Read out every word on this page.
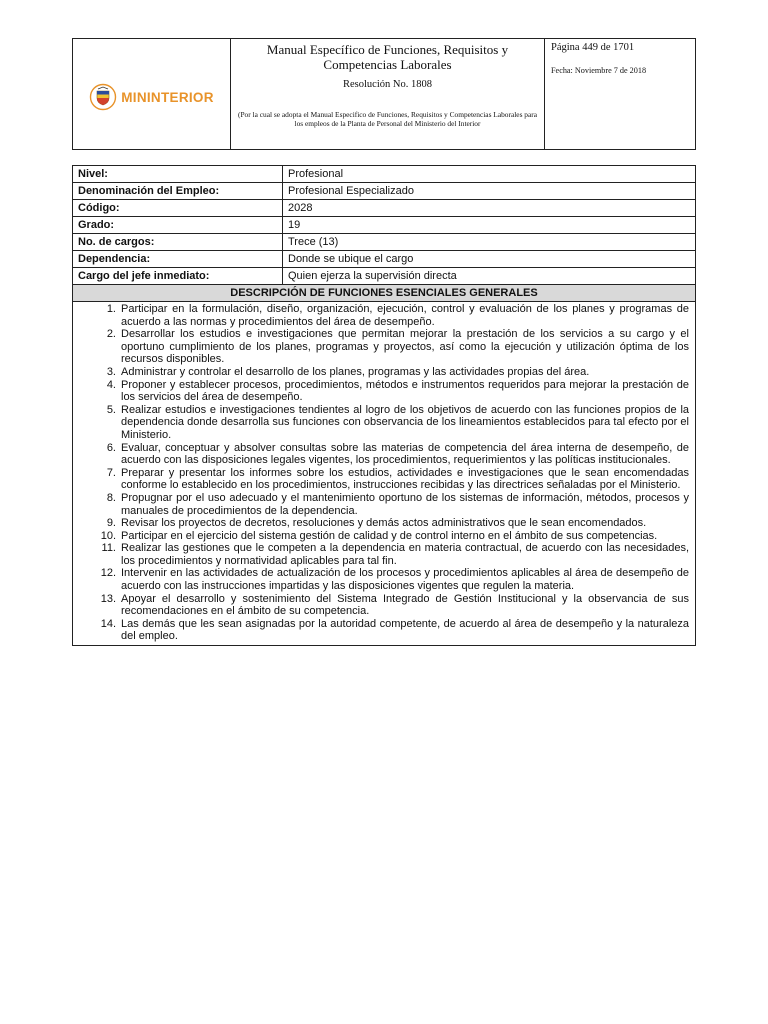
MININTERIOR
Manual Específico de Funciones, Requisitos y Competencias Laborales
Resolución No. 1808
(Por la cual se adopta el Manual Especifico de Funciones, Requisitos y Competencias Laborales para los empleos de la Planta de Personal del Ministerio del Interior
Página 449 de 1701
Fecha: Noviembre 7 de 2018
Nivel:	Profesional
Denominación del Empleo:	Profesional Especializado
Código:	2028
Grado:	19
No. de cargos:	Trece (13)
Dependencia:	Donde se ubique el cargo
Cargo del jefe inmediato:	Quien ejerza la supervisión directa
DESCRIPCIÓN DE FUNCIONES ESENCIALES GENERALES
1. Participar en la formulación, diseño, organización, ejecución, control y evaluación de los planes y programas de acuerdo a las normas y procedimientos del área de desempeño.
2. Desarrollar los estudios e investigaciones que permitan mejorar la prestación de los servicios a su cargo y el oportuno cumplimiento de los planes, programas y proyectos, así como la ejecución y utilización óptima de los recursos disponibles.
3. Administrar y controlar el desarrollo de los planes, programas y las actividades propias del área.
4. Proponer y establecer procesos, procedimientos, métodos e instrumentos requeridos para mejorar la prestación de los servicios del área de desempeño.
5. Realizar estudios e investigaciones tendientes al logro de los objetivos de acuerdo con las funciones propios de la dependencia donde desarrolla sus funciones con observancia de los lineamientos establecidos para tal efecto por el Ministerio.
6. Evaluar, conceptuar y absolver consultas sobre las materias de competencia del área interna de desempeño, de acuerdo con las disposiciones legales vigentes, los procedimientos, requerimientos y las políticas institucionales.
7. Preparar y presentar los informes sobre los estudios, actividades e investigaciones que le sean encomendadas conforme lo establecido en los procedimientos, instrucciones recibidas y las directrices señaladas por el Ministerio.
8. Propugnar por el uso adecuado y el mantenimiento oportuno de los sistemas de información, métodos, procesos y manuales de procedimientos de la dependencia.
9. Revisar los proyectos de decretos, resoluciones y demás actos administrativos que le sean encomendados.
10. Participar en el ejercicio del sistema gestión de calidad y de control interno en el ámbito de sus competencias.
11. Realizar las gestiones que le competen a la dependencia en materia contractual, de acuerdo con las necesidades, los procedimientos y normatividad aplicables para tal fin.
12. Intervenir en las actividades de actualización de los procesos y procedimientos aplicables al área de desempeño de acuerdo con las instrucciones impartidas y las disposiciones vigentes que regulen la materia.
13. Apoyar el desarrollo y sostenimiento del Sistema Integrado de Gestión Institucional y la observancia de sus recomendaciones en el ámbito de su competencia.
14. Las demás que les sean asignadas por la autoridad competente, de acuerdo al área de desempeño y la naturaleza del empleo.
